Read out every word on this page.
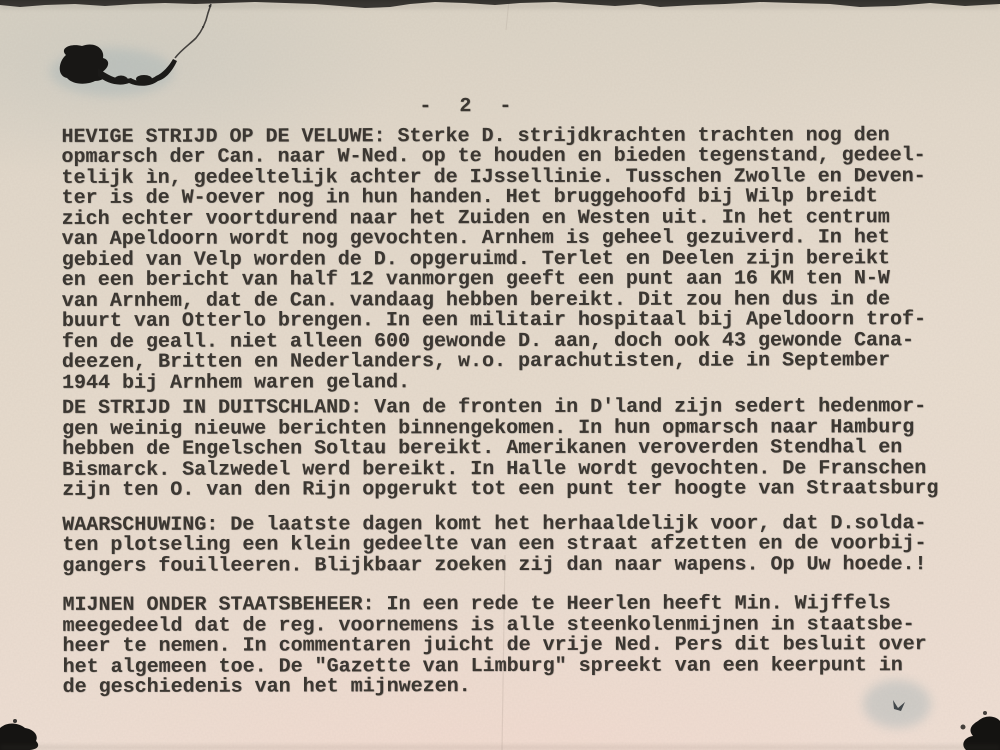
- 2 -
HEVIGE STRIJD OP DE VELUWE: Sterke D. strijdkrachten trachten nog den
opmarsch der Can. naar W-Ned. op te houden en bieden tegenstand, gedeel-
telijk ìn, gedeeltelijk achter de IJssellinie. Tusschen Zwolle en Deven-
ter is de W-oever nog in hun handen. Het bruggehoofd bij Wilp breidt
zich echter voortdurend naar het Zuiden en Westen uit. In het centrum
van Apeldoorn wordt nog gevochten. Arnhem is geheel gezuiverd. In het
gebied van Velp worden de D. opgeruimd. Terlet en Deelen zijn bereikt
en een bericht van half 12 vanmorgen geeft een punt aan 16 KM ten N-W
van Arnhem, dat de Can. vandaag hebben bereikt. Dit zou hen dus in de
buurt van Otterlo brengen. In een militair hospitaal bij Apeldoorn trof-
fen de geall. niet alleen 600 gewonde D. aan, doch ook 43 gewonde Cana-
deezen, Britten en Nederlanders, w.o. parachutisten, die in September
1944 bij Arnhem waren geland.
DE STRIJD IN DUITSCHLAND: Van de fronten in D'land zijn sedert hedenmor-
gen weinig nieuwe berichten binnengekomen. In hun opmarsch naar Hamburg
hebben de Engelschen Soltau bereikt. Amerikanen veroverden Stendhal en
Bismarck. Salzwedel werd bereikt. In Halle wordt gevochten. De Franschen
zijn ten O. van den Rijn opgerukt tot een punt ter hoogte van Straatsburg
WAARSCHUWING: De laatste dagen komt het herhaaldelijk voor, dat D.solda-
ten plotseling een klein gedeelte van een straat afzetten en de voorbij-
gangers fouilleeren. Blijkbaar zoeken zij dan naar wapens. Op Uw hoede.!
MIJNEN ONDER STAATSBEHEER: In een rede te Heerlen heeft Min. Wijffels
meegedeeld dat de reg. voornemens is alle steenkolenmijnen in staatsbe-
heer te nemen. In commentaren juicht de vrije Ned. Pers dit besluit over
het algemeen toe. De "Gazette van Limburg" spreekt van een keerpunt in
de geschiedenis van het mijnwezen.
